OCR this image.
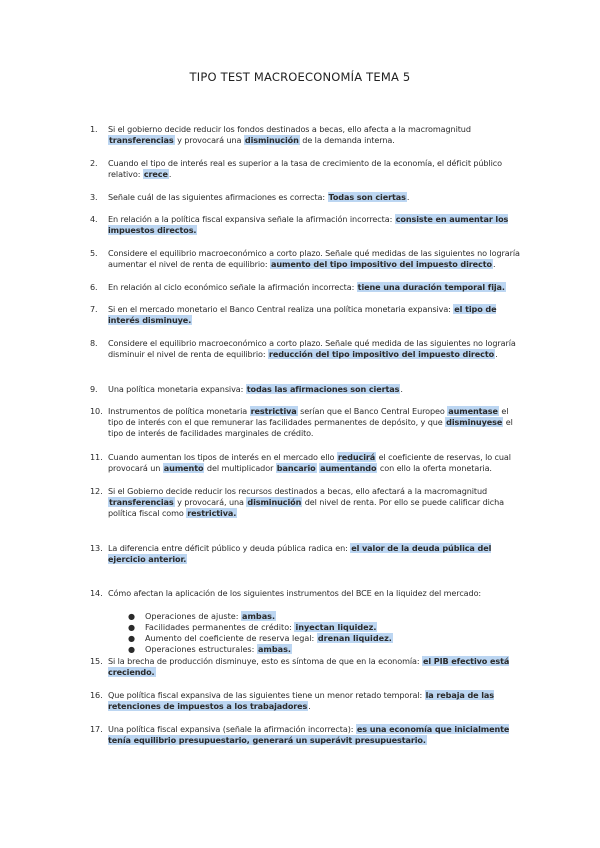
TIPO TEST MACROECONOMÍA TEMA 5
1. Si el gobierno decide reducir los fondos destinados a becas, ello afecta a la macromagnitud transferencias y provocará una disminución de la demanda interna.
2. Cuando el tipo de interés real es superior a la tasa de crecimiento de la economía, el déficit público relativo: crece.
3. Señale cuál de las siguientes afirmaciones es correcta: Todas son ciertas.
4. En relación a la política fiscal expansiva señale la afirmación incorrecta: consiste en aumentar los impuestos directos.
5. Considere el equilibrio macroeconómico a corto plazo. Señale qué medidas de las siguientes no lograría aumentar el nivel de renta de equilibrio: aumento del tipo impositivo del impuesto directo.
6. En relación al ciclo económico señale la afirmación incorrecta: tiene una duración temporal fija.
7. Si en el mercado monetario el Banco Central realiza una política monetaria expansiva: el tipo de interés disminuye.
8. Considere el equilibrio macroeconómico a corto plazo. Señale qué medida de las siguientes no lograría disminuir el nivel de renta de equilibrio: reducción del tipo impositivo del impuesto directo.
9. Una política monetaria expansiva: todas las afirmaciones son ciertas.
10. Instrumentos de política monetaria restrictiva serían que el Banco Central Europeo aumentase el tipo de interés con el que remunerar las facilidades permanentes de depósito, y que disminuyese el tipo de interés de facilidades marginales de crédito.
11. Cuando aumentan los tipos de interés en el mercado ello reducirá el coeficiente de reservas, lo cual provocará un aumento del multiplicador bancario aumentando con ello la oferta monetaria.
12. Si el Gobierno decide reducir los recursos destinados a becas, ello afectará a la macromagnitud transferencias y provocará, una disminución del nivel de renta. Por ello se puede calificar dicha política fiscal como restrictiva.
13. La diferencia entre déficit público y deuda pública radica en: el valor de la deuda pública del ejercicio anterior.
14. Cómo afectan la aplicación de los siguientes instrumentos del BCE en la liquidez del mercado:
● Operaciones de ajuste: ambas.
● Facilidades permanentes de crédito: inyectan liquidez.
● Aumento del coeficiente de reserva legal: drenan liquidez.
● Operaciones estructurales: ambas.
15. Si la brecha de producción disminuye, esto es síntoma de que en la economía: el PIB efectivo está creciendo.
16. Que política fiscal expansiva de las siguientes tiene un menor retado temporal: la rebaja de las retenciones de impuestos a los trabajadores.
17. Una política fiscal expansiva (señale la afirmación incorrecta): es una economía que inicialmente tenía equilibrio presupuestario, generará un superávit presupuestario.
